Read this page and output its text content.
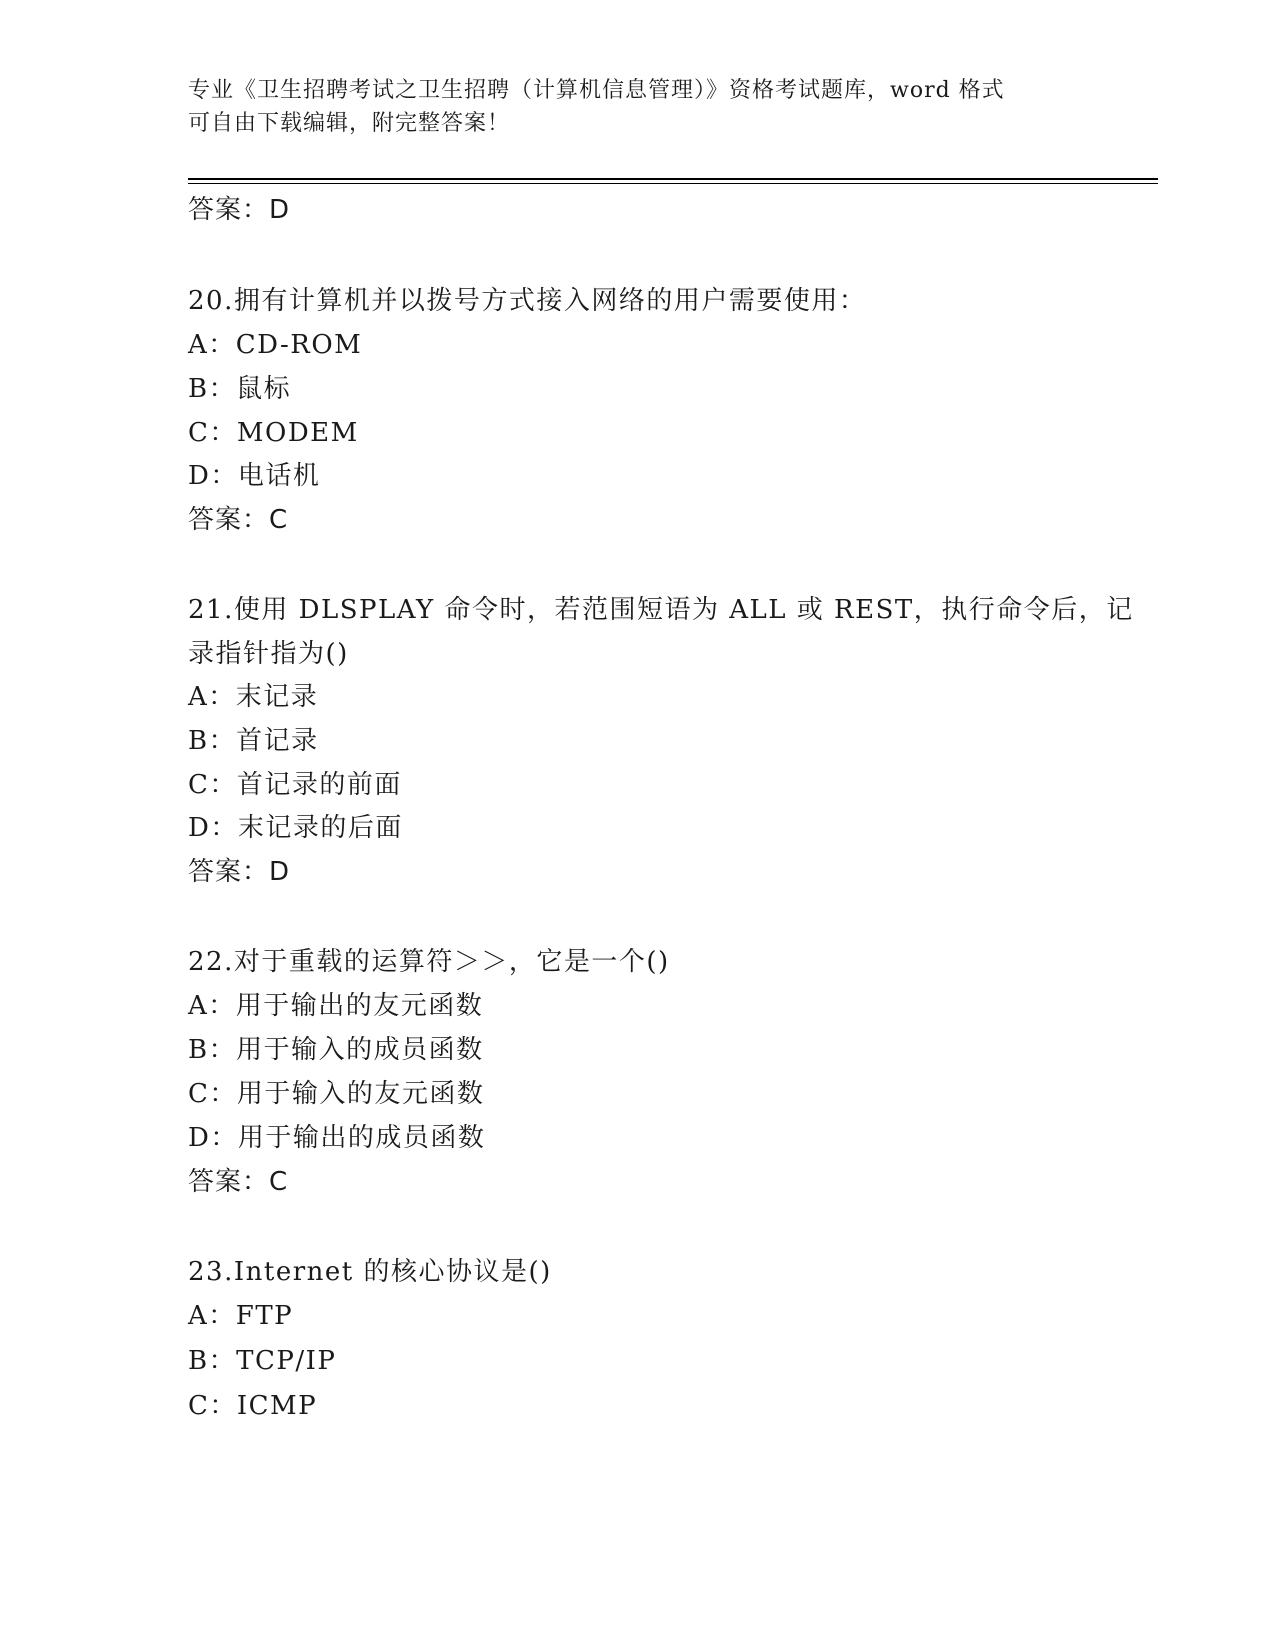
专业《卫生招聘考试之卫生招聘（计算机信息管理）》资格考试题库，word 格式
可自由下载编辑，附完整答案！
答案：D
20.拥有计算机并以拨号方式接入网络的用户需要使用：
A：CD-ROM
B：鼠标
C：MODEM
D：电话机
答案：C
21.使用 DLSPLAY 命令时，若范围短语为 ALL 或 REST，执行命令后，记
录指针指为()
A：末记录
B：首记录
C：首记录的前面
D：末记录的后面
答案：D
22.对于重载的运算符＞＞，它是一个()
A：用于输出的友元函数
B：用于输入的成员函数
C：用于输入的友元函数
D：用于输出的成员函数
答案：C
23.Internet 的核心协议是()
A：FTP
B：TCP/IP
C：ICMP
